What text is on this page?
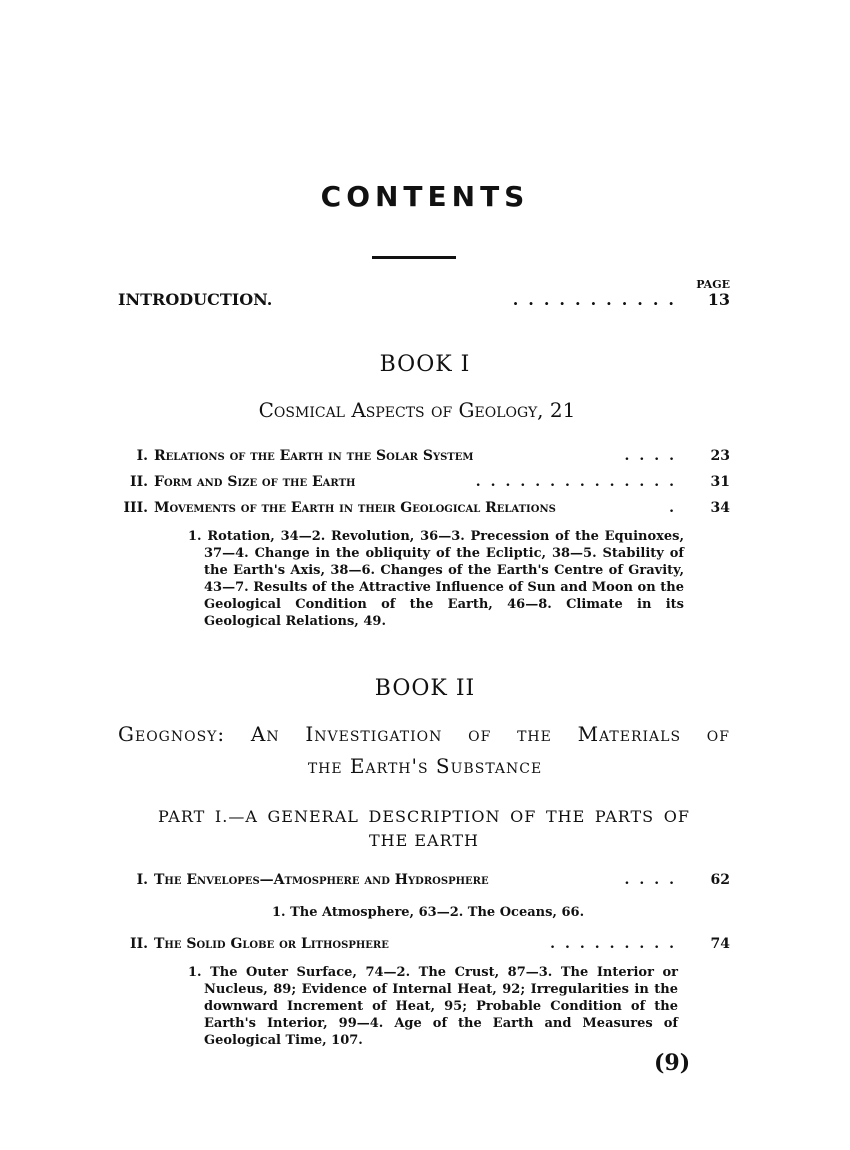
CONTENTS
PAGE
INTRODUCTION.	...........	13
BOOK I
Cosmical Aspects of Geology, 21
I. Relations of the Earth in the Solar System	....	23
II. Form and Size of the Earth	..............	31
III. Movements of the Earth in their Geological Relations	.	34
1. Rotation, 34—2. Revolution, 36—3. Precession of the Equinoxes, 37—4. Change in the obliquity of the Ecliptic, 38—5. Stability of the Earth's Axis, 38—6. Changes of the Earth's Centre of Gravity, 43—7. Results of the Attractive Influence of Sun and Moon on the Geological Condition of the Earth, 46—8. Climate in its Geological Relations, 49.
BOOK II
Geognosy: An Investigation of the Materials of
the Earth's Substance
PART I.—A GENERAL DESCRIPTION OF THE PARTS OF
THE EARTH
I. The Envelopes—Atmosphere and Hydrosphere	....	62
1. The Atmosphere, 63—2. The Oceans, 66.
II. The Solid Globe or Lithosphere	.........	74
1. The Outer Surface, 74—2. The Crust, 87—3. The Interior or Nucleus, 89; Evidence of Internal Heat, 92; Irregularities in the downward Increment of Heat, 95; Probable Condition of the Earth's Interior, 99—4. Age of the Earth and Measures of Geological Time, 107.
(9)
